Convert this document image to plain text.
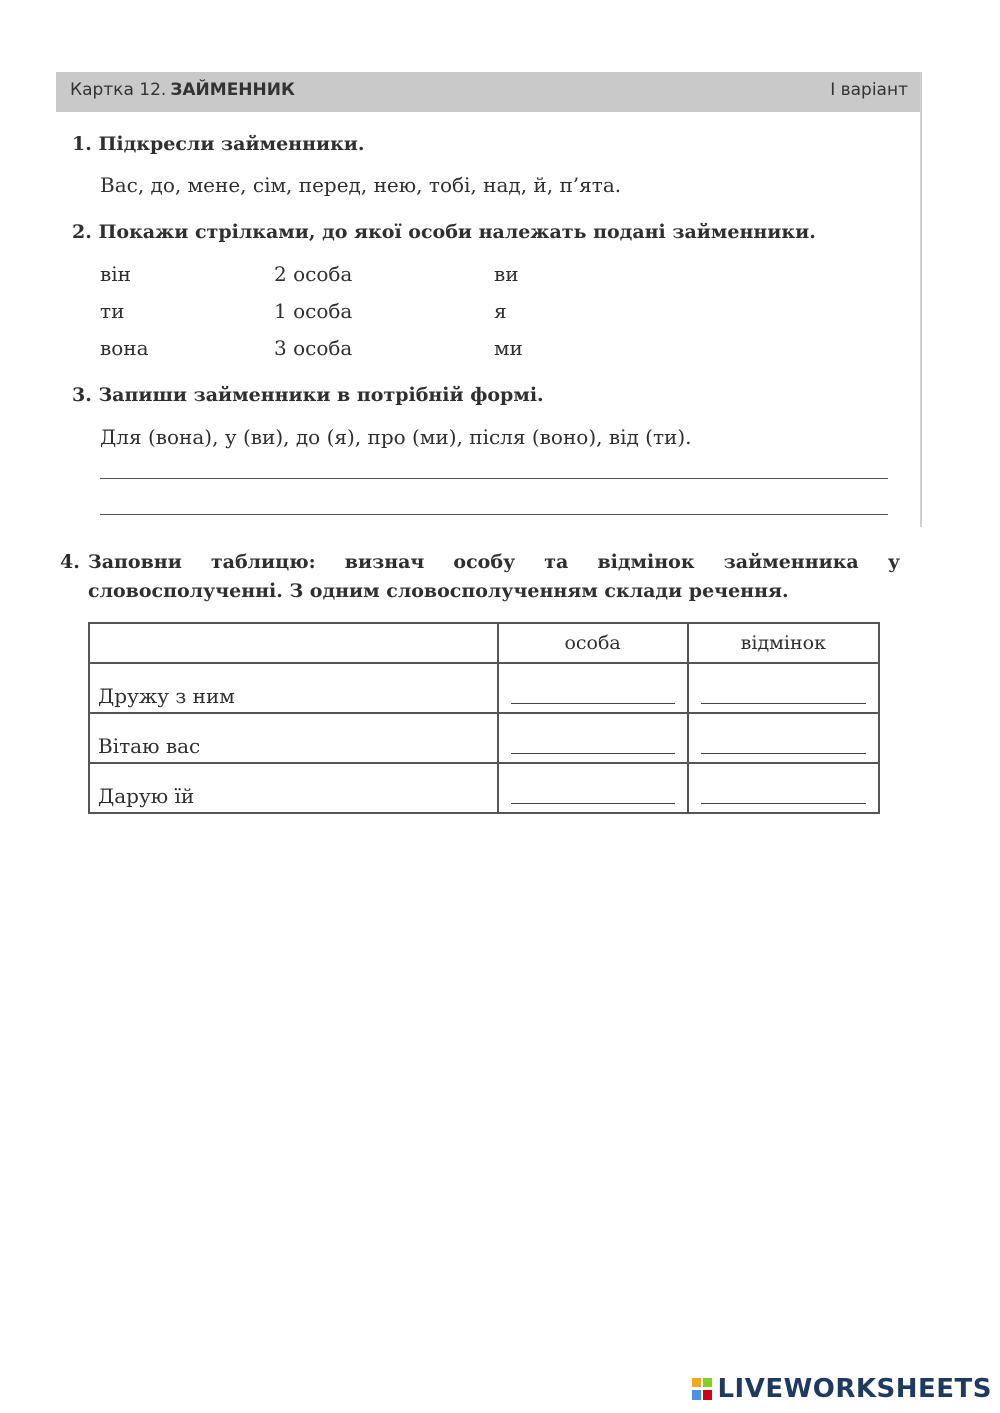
Картка 12. ЗАЙМЕННИК	І варіант
1. Підкресли займенники.
Вас, до, мене, сім, перед, нею, тобі, над, й, п’ята.
2. Покажи стрілками, до якої особи належать подані займенники.
він	2 особа	ви
ти	1 особа	я
вона	3 особа	ми
3. Запиши займенники в потрібній формі.
Для (вона), у (ви), до (я), про (ми), після (воно), від (ти).
4. Заповни таблицю: визнач особу та відмінок займенника у
словосполученні. З одним словосполученням склади речення.
	особа	відмінок
Дружу з ним	

Вітаю вас	

Дарую їй	

LIVEWORKSHEETS
